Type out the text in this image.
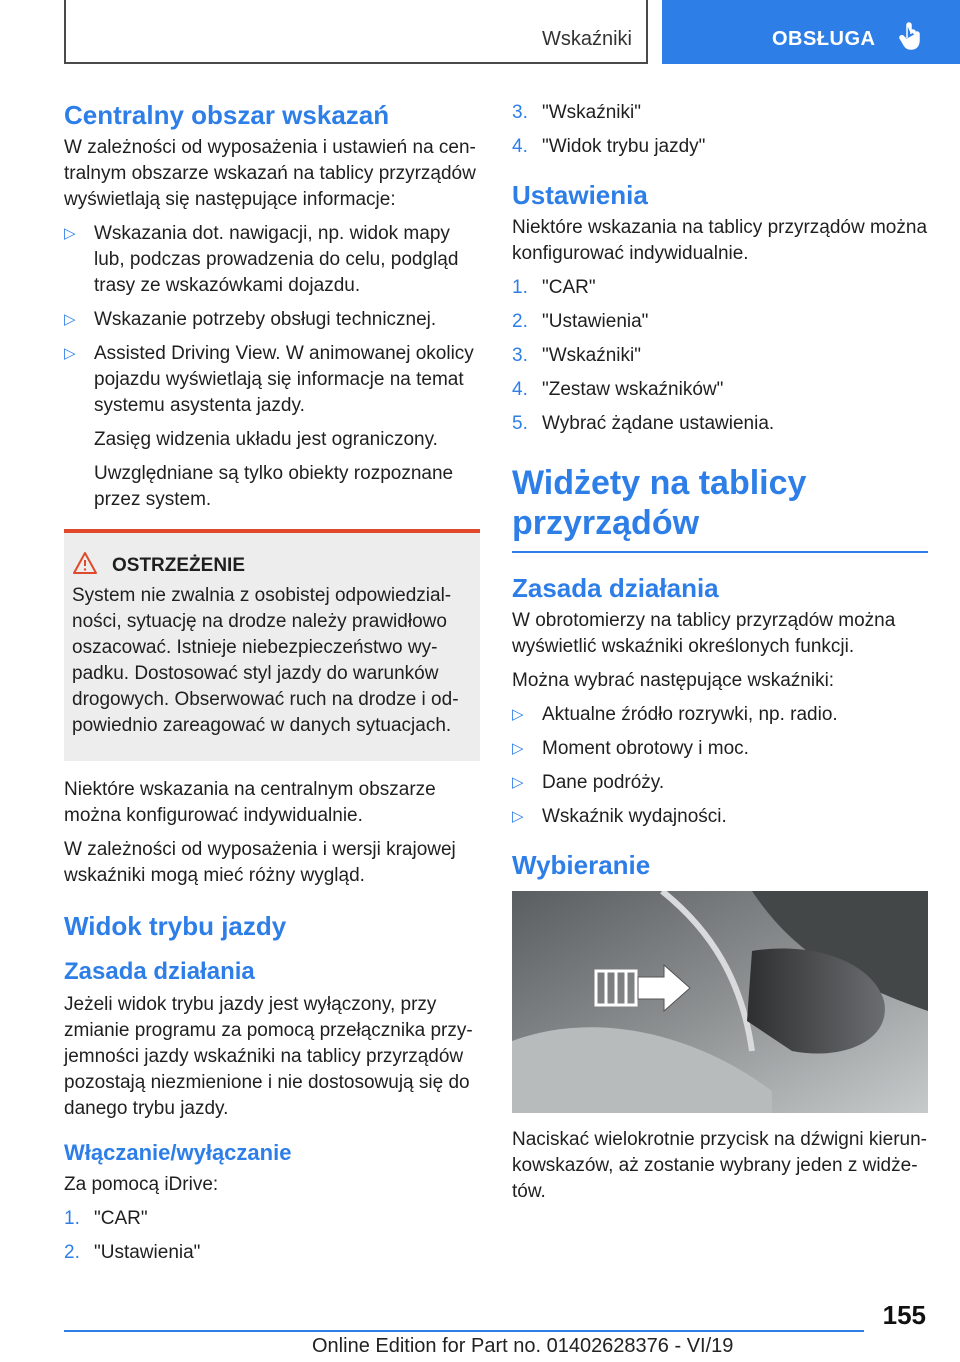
Wskaźniki	OBSŁUGA
Centralny obszar wskazań

W zależności od wyposażenia i ustawień na cen-tralnym obszarze wskazań na tablicy przyrządów wyświetlają się następujące informacje:

▷ Wskazania dot. nawigacji, np. widok mapy lub, podczas prowadzenia do celu, podgląd trasy ze wskazówkami dojazdu.
▷ Wskazanie potrzeby obsługi technicznej.
▷ Assisted Driving View. W animowanej okolicy pojazdu wyświetlają się informacje na temat systemu asystenta jazdy.
Zasięg widzenia układu jest ograniczony.
Uwzględniane są tylko obiekty rozpoznane przez system.
OSTRZEŻENIE

System nie zwalnia z osobistej odpowiedzial-ności, sytuację na drodze należy prawidłowo oszacować. Istnieje niebezpieczeństwo wy-padku. Dostosować styl jazdy do warunków drogowych. Obserwować ruch na drodze i od-powiednio zareagować w danych sytuacjach.

Niektóre wskazania na centralnym obszarze można konfigurować indywidualnie.

W zależności od wyposażenia i wersji krajowej wskaźniki mogą mieć różny wygląd.

Widok trybu jazdy
Zasada działania

Jeżeli widok trybu jazdy jest wyłączony, przy zmianie programu za pomocą przełącznika przy-jemności jazdy wskaźniki na tablicy przyrządów pozostają niezmienione i nie dostosowują się do danego trybu jazdy.

Włączanie/wyłączanie

Za pomocą iDrive:

1. "CAR"
2. "Ustawienia"
3. "Wskaźniki"
4. "Widok trybu jazdy"
Ustawienia

Niektóre wskazania na tablicy przyrządów można konfigurować indywidualnie.

1. "CAR"
2. "Ustawienia"
3. "Wskaźniki"
4. "Zestaw wskaźników"
5. Wybrać żądane ustawienia.
Widżety na tablicy
przyrządów
Zasada działania

W obrotomierzy na tablicy przyrządów można wyświetlić wskaźniki określonych funkcji.

Można wybrać następujące wskaźniki:

▷ Aktualne źródło rozrywki, np. radio.
▷ Moment obrotowy i moc.
▷ Dane podróży.
▷ Wskaźnik wydajności.
Wybieranie

Naciskać wielokrotnie przycisk na dźwigni kierun-kowskazów, aż zostanie wybrany jeden z widże-tów.

155
Online Edition for Part no. 01402628376 - VI/19
